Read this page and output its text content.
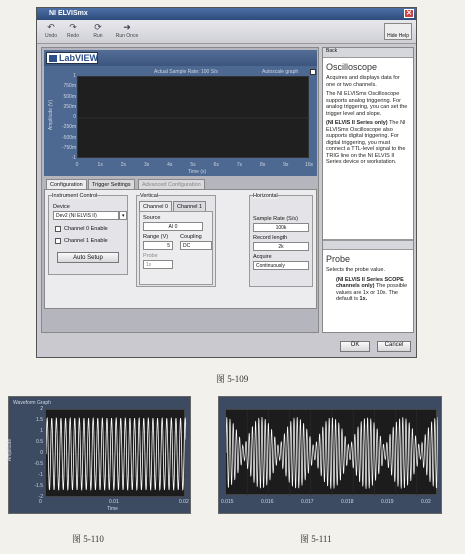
NI ELVISmx	✕
↶
Undo
↷
Redo
⟳
Run
➜
Run Once	Hide Help
LabVIEW
Actual Sample Rate: 100 S/s	Autoscale graph
Amplitude (V)
1
750m
500m
250m
0
-250m
-500m
-750m
-1
0	1s	2s	3s	4s	5s	6s	7s	8s	9s	10s
Time (s)
Configuration	Trigger Settings	Advanced Configuration
Instrument Control
Device
Dev2 (NI ELVIS II)	▾
Channel 0 Enable
Channel 1 Enable
Auto Setup
Vertical
Channel 0	Channel 1
Source
AI 0
Range (V)
5
Coupling
DC
Probe
1x
Horizontal
Sample Rate (S/s)
100k
Record length
2k
Acquire
Continuously
Back
Oscilloscope

Acquires and displays data for one or two channels.

The NI ELVISmx Oscilloscope supports analog triggering. For analog triggering, you can set the trigger level and slope.

(NI ELVIS II Series only) The NI ELVISmx Oscilloscope also supports digital triggering. For digital triggering, you must connect a TTL-level signal to the TRIG line on the NI ELVIS II Series device or workstation.

Probe

Selects the probe value.

(NI ELVIS II Series SCOPE channels only) The possible values are 1x or 10x. The default is 1x.

OK	Cancel
图 5-109
Waveform Graph
Amplitude
2
1.5
1
0.5
0
-0.5
-1
-1.5
-2
0	0.01	0.02
Time
图 5-110
0.015	0.016	0.017	0.018	0.019	0.02
图 5-111
